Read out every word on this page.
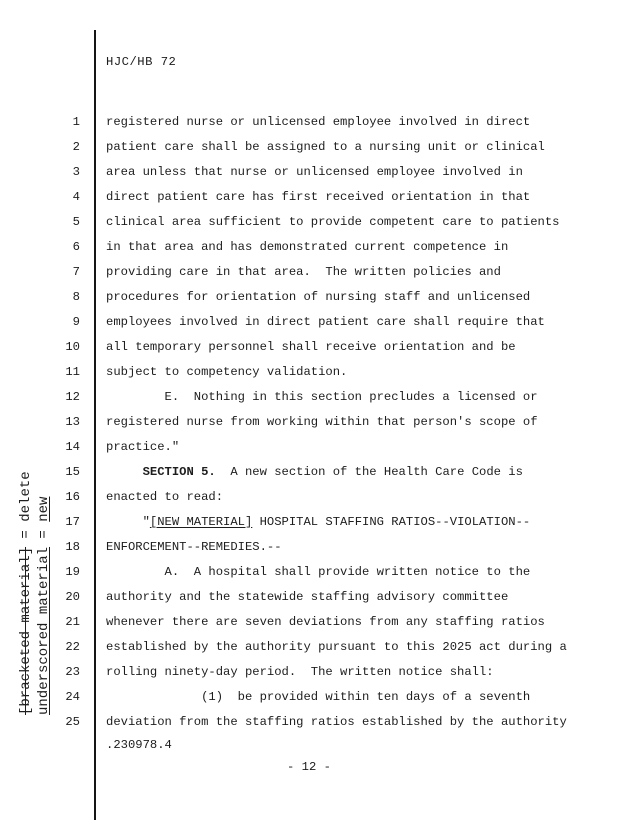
[bracketed material] = delete
underscored material = new
HJC/HB 72
1 registered nurse or unlicensed employee involved in direct
2 patient care shall be assigned to a nursing unit or clinical
3 area unless that nurse or unlicensed employee involved in
4 direct patient care has first received orientation in that
5 clinical area sufficient to provide competent care to patients
6 in that area and has demonstrated current competence in
7 providing care in that area.  The written policies and
8 procedures for orientation of nursing staff and unlicensed
9 employees involved in direct patient care shall require that
10 all temporary personnel shall receive orientation and be
11 subject to competency validation.
12 E.  Nothing in this section precludes a licensed or
13 registered nurse from working within that person's scope of
14 practice."
15	SECTION 5.  A new section of the Health Care Code is
16 enacted to read:
17 "[NEW MATERIAL] HOSPITAL STAFFING RATIOS--VIOLATION--
18 ENFORCEMENT--REMEDIES.--
19 A.  A hospital shall provide written notice to the
20 authority and the statewide staffing advisory committee
21 whenever there are seven deviations from any staffing ratios
22 established by the authority pursuant to this 2025 act during a
23 rolling ninety-day period.  The written notice shall:
24 (1)  be provided within ten days of a seventh
25 deviation from the staffing ratios established by the authority
.230978.4
- 12 -
